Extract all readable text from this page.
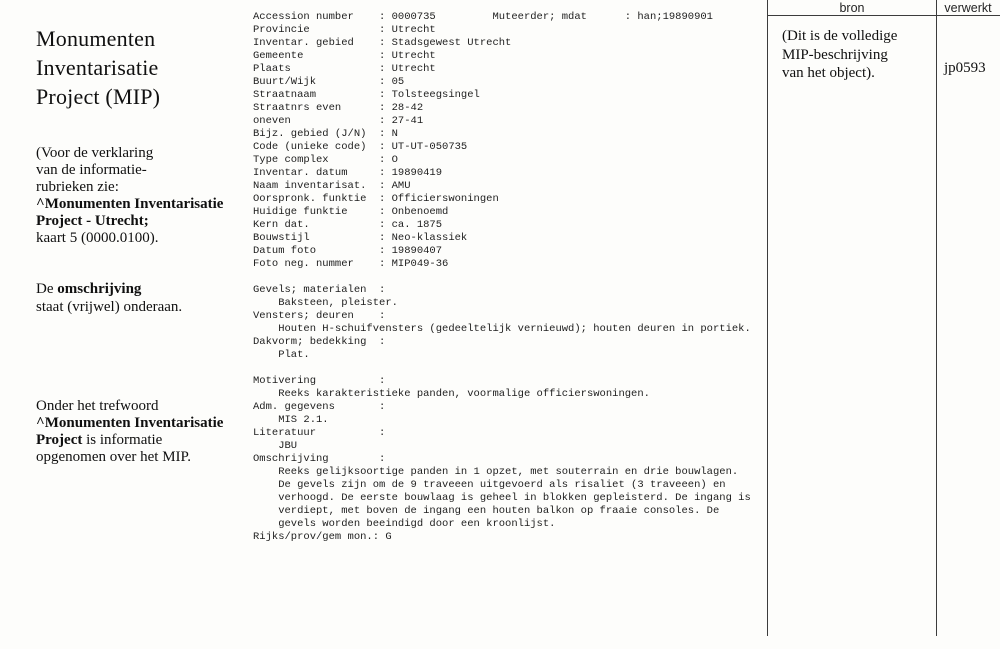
Monumenten
Inventarisatie
Project (MIP)
(Voor de verklaring
van de informatie-
rubrieken zie:
^Monumenten Inventarisatie
Project - Utrecht;
kaart 5 (0000.0100).
De omschrijving
staat (vrijwel) onderaan.
Onder het trefwoord
^Monumenten Inventarisatie
Project is informatie
opgenomen over het MIP.
Accession number    : 0000735         Muteerder; mdat      : han;19890901
Provincie           : Utrecht
Inventar. gebied    : Stadsgewest Utrecht
Gemeente            : Utrecht
Plaats              : Utrecht
Buurt/Wijk          : 05
Straatnaam          : Tolsteegsingel
Straatnrs even      : 28-42
oneven              : 27-41
Bijz. gebied (J/N)  : N
Code (unieke code)  : UT-UT-050735
Type complex        : O
Inventar. datum     : 19890419
Naam inventarisat.  : AMU
Oorspronk. funktie  : Officierswoningen
Huidige funktie     : Onbenoemd
Kern dat.           : ca. 1875
Bouwstijl           : Neo-klassiek
Datum foto          : 19890407
Foto neg. nummer    : MIP049-36
Gevels; materialen  :
Baksteen, pleister.
Vensters; deuren    :
Houten H-schuifvensters (gedeeltelijk vernieuwd); houten deuren in portiek.
Dakvorm; bedekking  :
Plat.
Motivering          :
Reeks karakteristieke panden, voormalige officierswoningen.
Adm. gegevens       :
MIS 2.1.
Literatuur          :
JBU
Omschrijving        :
Reeks gelijksoortige panden in 1 opzet, met souterrain en drie bouwlagen.
De gevels zijn om de 9 traveeen uitgevoerd als risaliet (3 traveeen) en
verhoogd. De eerste bouwlaag is geheel in blokken gepleisterd. De ingang is
verdiept, met boven de ingang een houten balkon op fraaie consoles. De
gevels worden beeindigd door een kroonlijst.
Rijks/prov/gem mon.: G
bron	verwerkt
(Dit is de volledige
MIP-beschrijving
van het object).	jp0593
